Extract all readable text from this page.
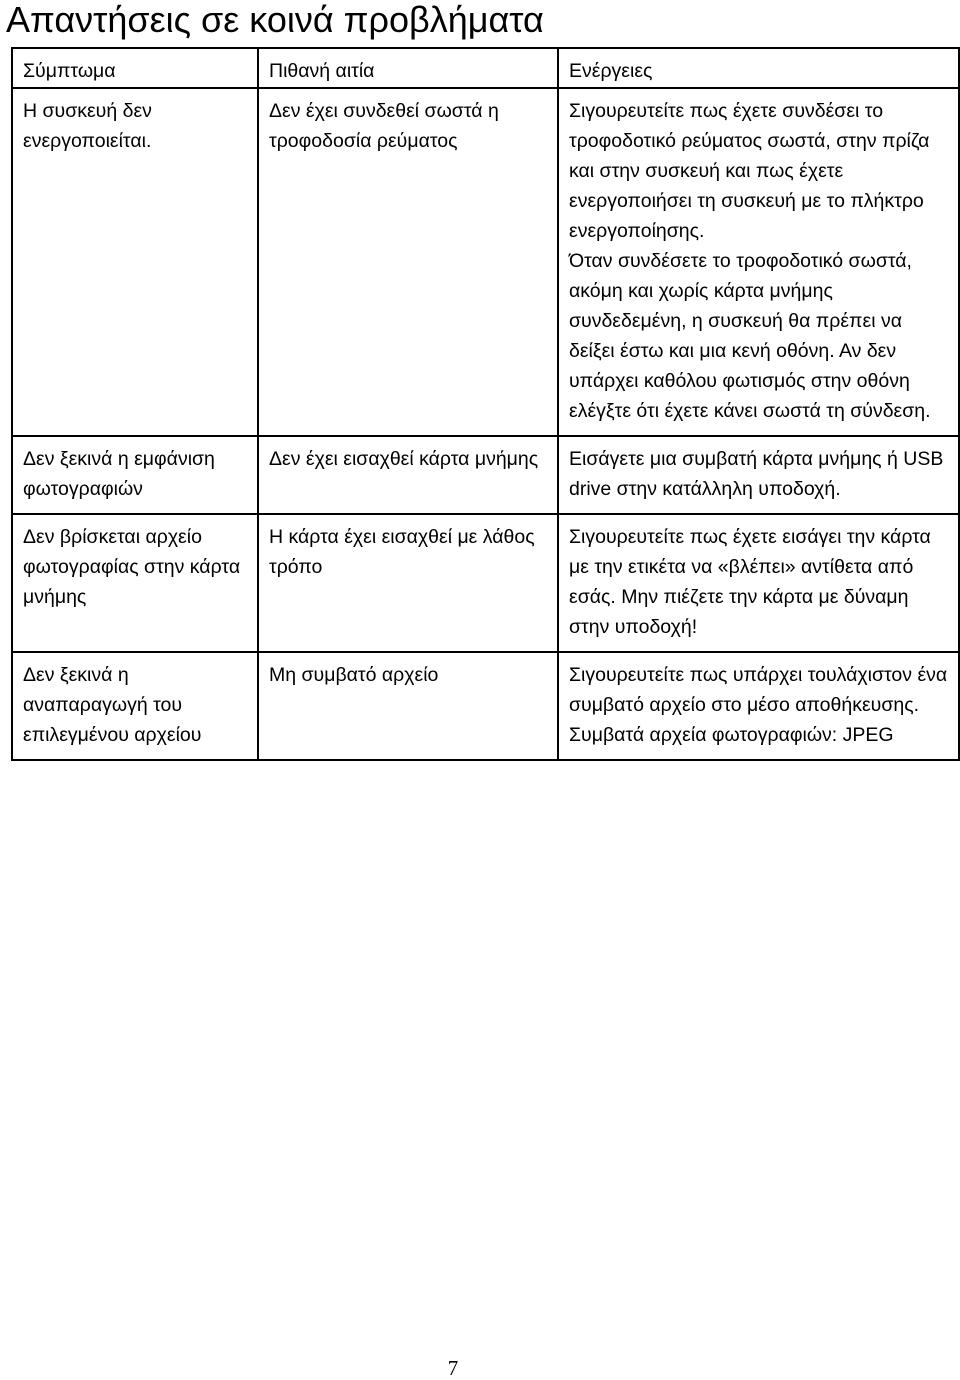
Απαντήσεις σε κοινά προβλήματα
Σύμπτωμα	Πιθανή αιτία	Ενέργειες

Η συσκευή δεν ενεργοποιείται.	Δεν έχει συνδεθεί σωστά η τροφοδοσία ρεύματος	Σιγουρευτείτε πως έχετε συνδέσει το τροφοδοτικό ρεύματος σωστά, στην πρίζα και στην συσκευή και πως έχετε ενεργοποιήσει τη συσκευή με το πλήκτρο ενεργοποίησης.
Όταν συνδέσετε το τροφοδοτικό σωστά, ακόμη και χωρίς κάρτα μνήμης συνδεδεμένη, η συσκευή θα πρέπει να δείξει έστω και μια κενή οθόνη. Αν δεν υπάρχει καθόλου φωτισμός στην οθόνη ελέγξτε ότι έχετε κάνει σωστά τη σύνδεση.

Δεν ξεκινά η εμφάνιση φωτογραφιών	Δεν έχει εισαχθεί κάρτα μνήμης	Εισάγετε μια συμβατή κάρτα μνήμης ή USB drive στην κατάλληλη υποδοχή.

Δεν βρίσκεται αρχείο φωτογραφίας στην κάρτα μνήμης	Η κάρτα έχει εισαχθεί με λάθος τρόπο	Σιγουρευτείτε πως έχετε εισάγει την κάρτα με την ετικέτα να «βλέπει» αντίθετα από εσάς. Μην πιέζετε την κάρτα με δύναμη στην υποδοχή!

Δεν ξεκινά η αναπαραγωγή του επιλεγμένου αρχείου	Μη συμβατό αρχείο	Σιγουρευτείτε πως υπάρχει τουλάχιστον ένα συμβατό αρχείο στο μέσο αποθήκευσης. Συμβατά αρχεία φωτογραφιών: JPEG
7
